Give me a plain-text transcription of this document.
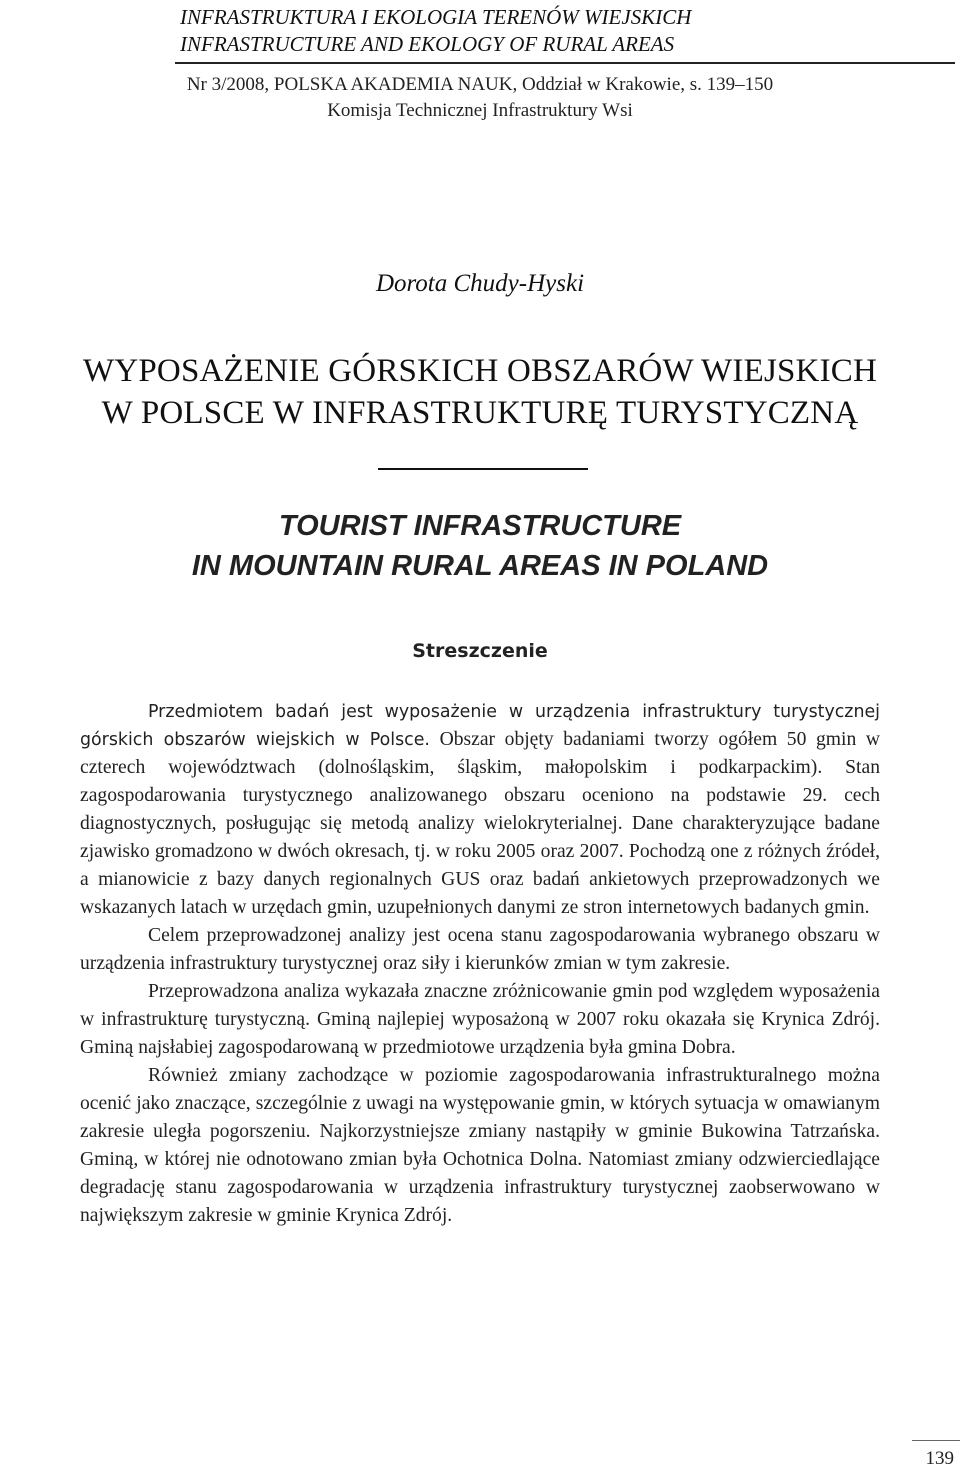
INFRASTRUKTURA I EKOLOGIA TERENÓW WIEJSKICH
INFRASTRUCTURE AND EKOLOGY OF RURAL AREAS
Nr 3/2008, POLSKA AKADEMIA NAUK, Oddział w Krakowie, s. 139–150
Komisja Technicznej Infrastruktury Wsi
Dorota Chudy-Hyski
WYPOSAŻENIE GÓRSKICH OBSZARÓW WIEJSKICH
W POLSCE W INFRASTRUKTURĘ TURYSTYCZNĄ
TOURIST INFRASTRUCTURE
IN MOUNTAIN RURAL AREAS IN POLAND
Streszczenie

Przedmiotem badań jest wyposażenie w urządzenia infrastruktury turystycznej górskich obszarów wiejskich w Polsce. Obszar objęty badaniami tworzy ogółem 50 gmin w czterech województwach (dolnośląskim, śląskim, małopolskim i podkarpackim). Stan zagospodarowania turystycznego analizowanego obszaru oceniono na podstawie 29. cech diagnostycznych, posługując się metodą analizy wielokryterialnej. Dane charakteryzujące badane zjawisko gromadzono w dwóch okresach, tj. w roku 2005 oraz 2007. Pochodzą one z różnych źródeł, a mianowicie z bazy danych regionalnych GUS oraz badań ankietowych przeprowadzonych we wskazanych latach w urzędach gmin, uzupełnionych danymi ze stron internetowych badanych gmin.

Celem przeprowadzonej analizy jest ocena stanu zagospodarowania wybranego obszaru w urządzenia infrastruktury turystycznej oraz siły i kierunków zmian w tym zakresie.

Przeprowadzona analiza wykazała znaczne zróżnicowanie gmin pod względem wyposażenia w infrastrukturę turystyczną. Gminą najlepiej wyposażoną w 2007 roku okazała się Krynica Zdrój. Gminą najsłabiej zagospodarowaną w przedmiotowe urządzenia była gmina Dobra.

Również zmiany zachodzące w poziomie zagospodarowania infrastrukturalnego można ocenić jako znaczące, szczególnie z uwagi na występowanie gmin, w których sytuacja w omawianym zakresie uległa pogorszeniu. Najkorzystniejsze zmiany nastąpiły w gminie Bukowina Tatrzańska. Gminą, w której nie odnotowano zmian była Ochotnica Dolna. Natomiast zmiany odzwierciedlające degradację stanu zagospodarowania w urządzenia infrastruktury turystycznej zaobserwowano w największym zakresie w gminie Krynica Zdrój.

139
